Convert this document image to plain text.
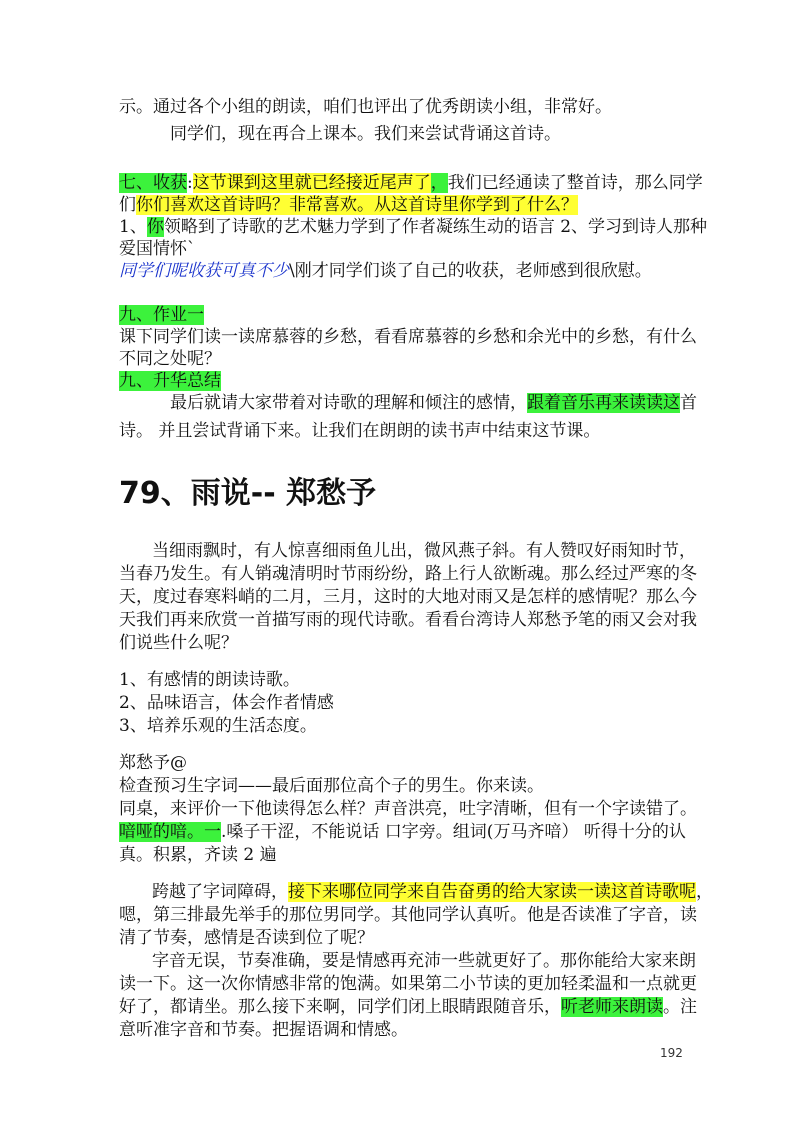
示。通过各个小组的朗读，咱们也评出了优秀朗读小组，非常好。
同学们，现在再合上课本。我们来尝试背诵这首诗。
七、收获:这节课到这里就已经接近尾声了，我们已经通读了整首诗，那么同学
们你们喜欢这首诗吗？非常喜欢。从这首诗里你学到了什么？
1、你领略到了诗歌的艺术魅力学到了作者凝练生动的语言 2、学习到诗人那种
爱国情怀`
同学们呢收获可真不少\刚才同学们谈了自己的收获，老师感到很欣慰。
九、作业一
课下同学们读一读席慕蓉的乡愁，看看席慕蓉的乡愁和余光中的乡愁，有什么
不同之处呢？
九、升华总结
最后就请大家带着对诗歌的理解和倾注的感情，跟着音乐再来读读这首
诗。 并且尝试背诵下来。让我们在朗朗的读书声中结束这节课。
79、雨说-- 郑愁予
当细雨飘时，有人惊喜细雨鱼儿出，微风燕子斜。有人赞叹好雨知时节，
当春乃发生。有人销魂清明时节雨纷纷，路上行人欲断魂。那么经过严寒的冬
天，度过春寒料峭的二月，三月，这时的大地对雨又是怎样的感情呢？那么今
天我们再来欣赏一首描写雨的现代诗歌。看看台湾诗人郑愁予笔的雨又会对我
们说些什么呢？
1、有感情的朗读诗歌。
2、品味语言，体会作者情感
3、培养乐观的生活态度。
郑愁予@
检查预习生字词——最后面那位高个子的男生。你来读。
同桌，来评价一下他读得怎么样？声音洪亮，吐字清晰，但有一个字读错了。
喑哑的喑。一.嗓子干涩，不能说话 口字旁。组词(万马齐喑） 听得十分的认
真。积累，齐读 2 遍
跨越了字词障碍，接下来哪位同学来自告奋勇的给大家读一读这首诗歌呢，
嗯，第三排最先举手的那位男同学。其他同学认真听。他是否读准了字音，读
清了节奏，感情是否读到位了呢？
字音无误，节奏准确，要是情感再充沛一些就更好了。那你能给大家来朗
读一下。这一次你情感非常的饱满。如果第二小节读的更加轻柔温和一点就更
好了，都请坐。那么接下来啊，同学们闭上眼睛跟随音乐，听老师来朗读。注
意听准字音和节奏。把握语调和情感。
192
